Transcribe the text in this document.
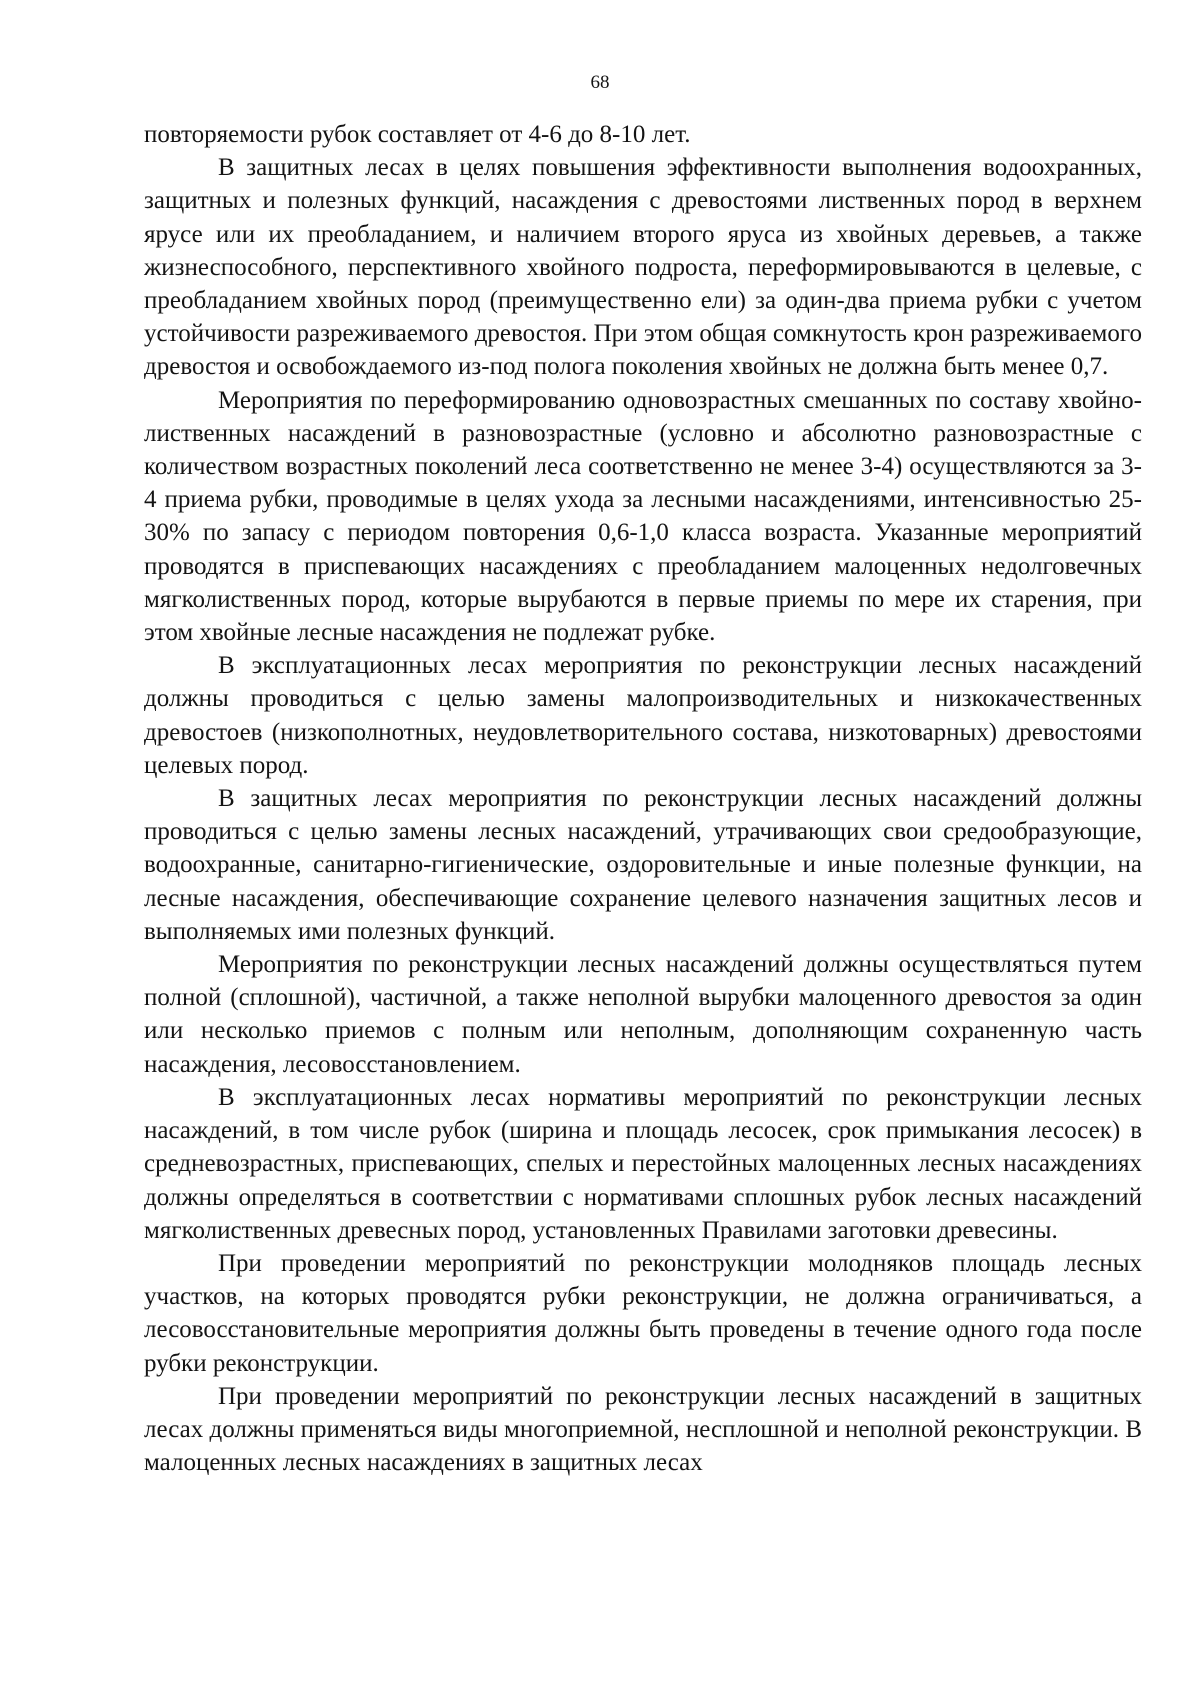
68

повторяемости рубок составляет от 4-6 до 8-10 лет.

В защитных лесах в целях повышения эффективности выполнения водоохранных, защитных и полезных функций, насаждения с древостоями лиственных пород в верхнем ярусе или их преобладанием, и наличием второго яруса из хвойных деревьев, а также жизнеспособного, перспективного хвойного подроста, переформировываются в целевые, с преобладанием хвойных пород (преимущественно ели) за один-два приема рубки с учетом устойчивости разреживаемого древостоя. При этом общая сомкнутость крон разреживаемого древостоя и освобождаемого из-под полога поколения хвойных не должна быть менее 0,7.

Мероприятия по переформированию одновозрастных смешанных по составу хвойно-лиственных насаждений в разновозрастные (условно и абсолютно разновозрастные с количеством возрастных поколений леса соответственно не менее 3-4) осуществляются за 3-4 приема рубки, проводимые в целях ухода за лесными насаждениями, интенсивностью 25-30% по запасу с периодом повторения 0,6-1,0 класса возраста. Указанные мероприятий проводятся в приспевающих насаждениях с преобладанием малоценных недолговечных мягколиственных пород, которые вырубаются в первые приемы по мере их старения, при этом хвойные лесные насаждения не подлежат рубке.

В эксплуатационных лесах мероприятия по реконструкции лесных насаждений должны проводиться с целью замены малопроизводительных и низкокачественных древостоев (низкополнотных, неудовлетворительного состава, низкотоварных) древостоями целевых пород.

В защитных лесах мероприятия по реконструкции лесных насаждений должны проводиться с целью замены лесных насаждений, утрачивающих свои средообразующие, водоохранные, санитарно-гигиенические, оздоровительные и иные полезные функции, на лесные насаждения, обеспечивающие сохранение целевого назначения защитных лесов и выполняемых ими полезных функций.

Мероприятия по реконструкции лесных насаждений должны осуществляться путем полной (сплошной), частичной, а также неполной вырубки малоценного древостоя за один или несколько приемов с полным или неполным, дополняющим сохраненную часть насаждения, лесовосстановлением.

В эксплуатационных лесах нормативы мероприятий по реконструкции лесных насаждений, в том числе рубок (ширина и площадь лесосек, срок примыкания лесосек) в средневозрастных, приспевающих, спелых и перестойных малоценных лесных насаждениях должны определяться в соответствии с нормативами сплошных рубок лесных насаждений мягколиственных древесных пород, установленных Правилами заготовки древесины.

При проведении мероприятий по реконструкции молодняков площадь лесных участков, на которых проводятся рубки реконструкции, не должна ограничиваться, а лесовосстановительные мероприятия должны быть проведены в течение одного года после рубки реконструкции.

При проведении мероприятий по реконструкции лесных насаждений в защитных лесах должны применяться виды многоприемной, несплошной и неполной реконструкции. В малоценных лесных насаждениях в защитных лесах
